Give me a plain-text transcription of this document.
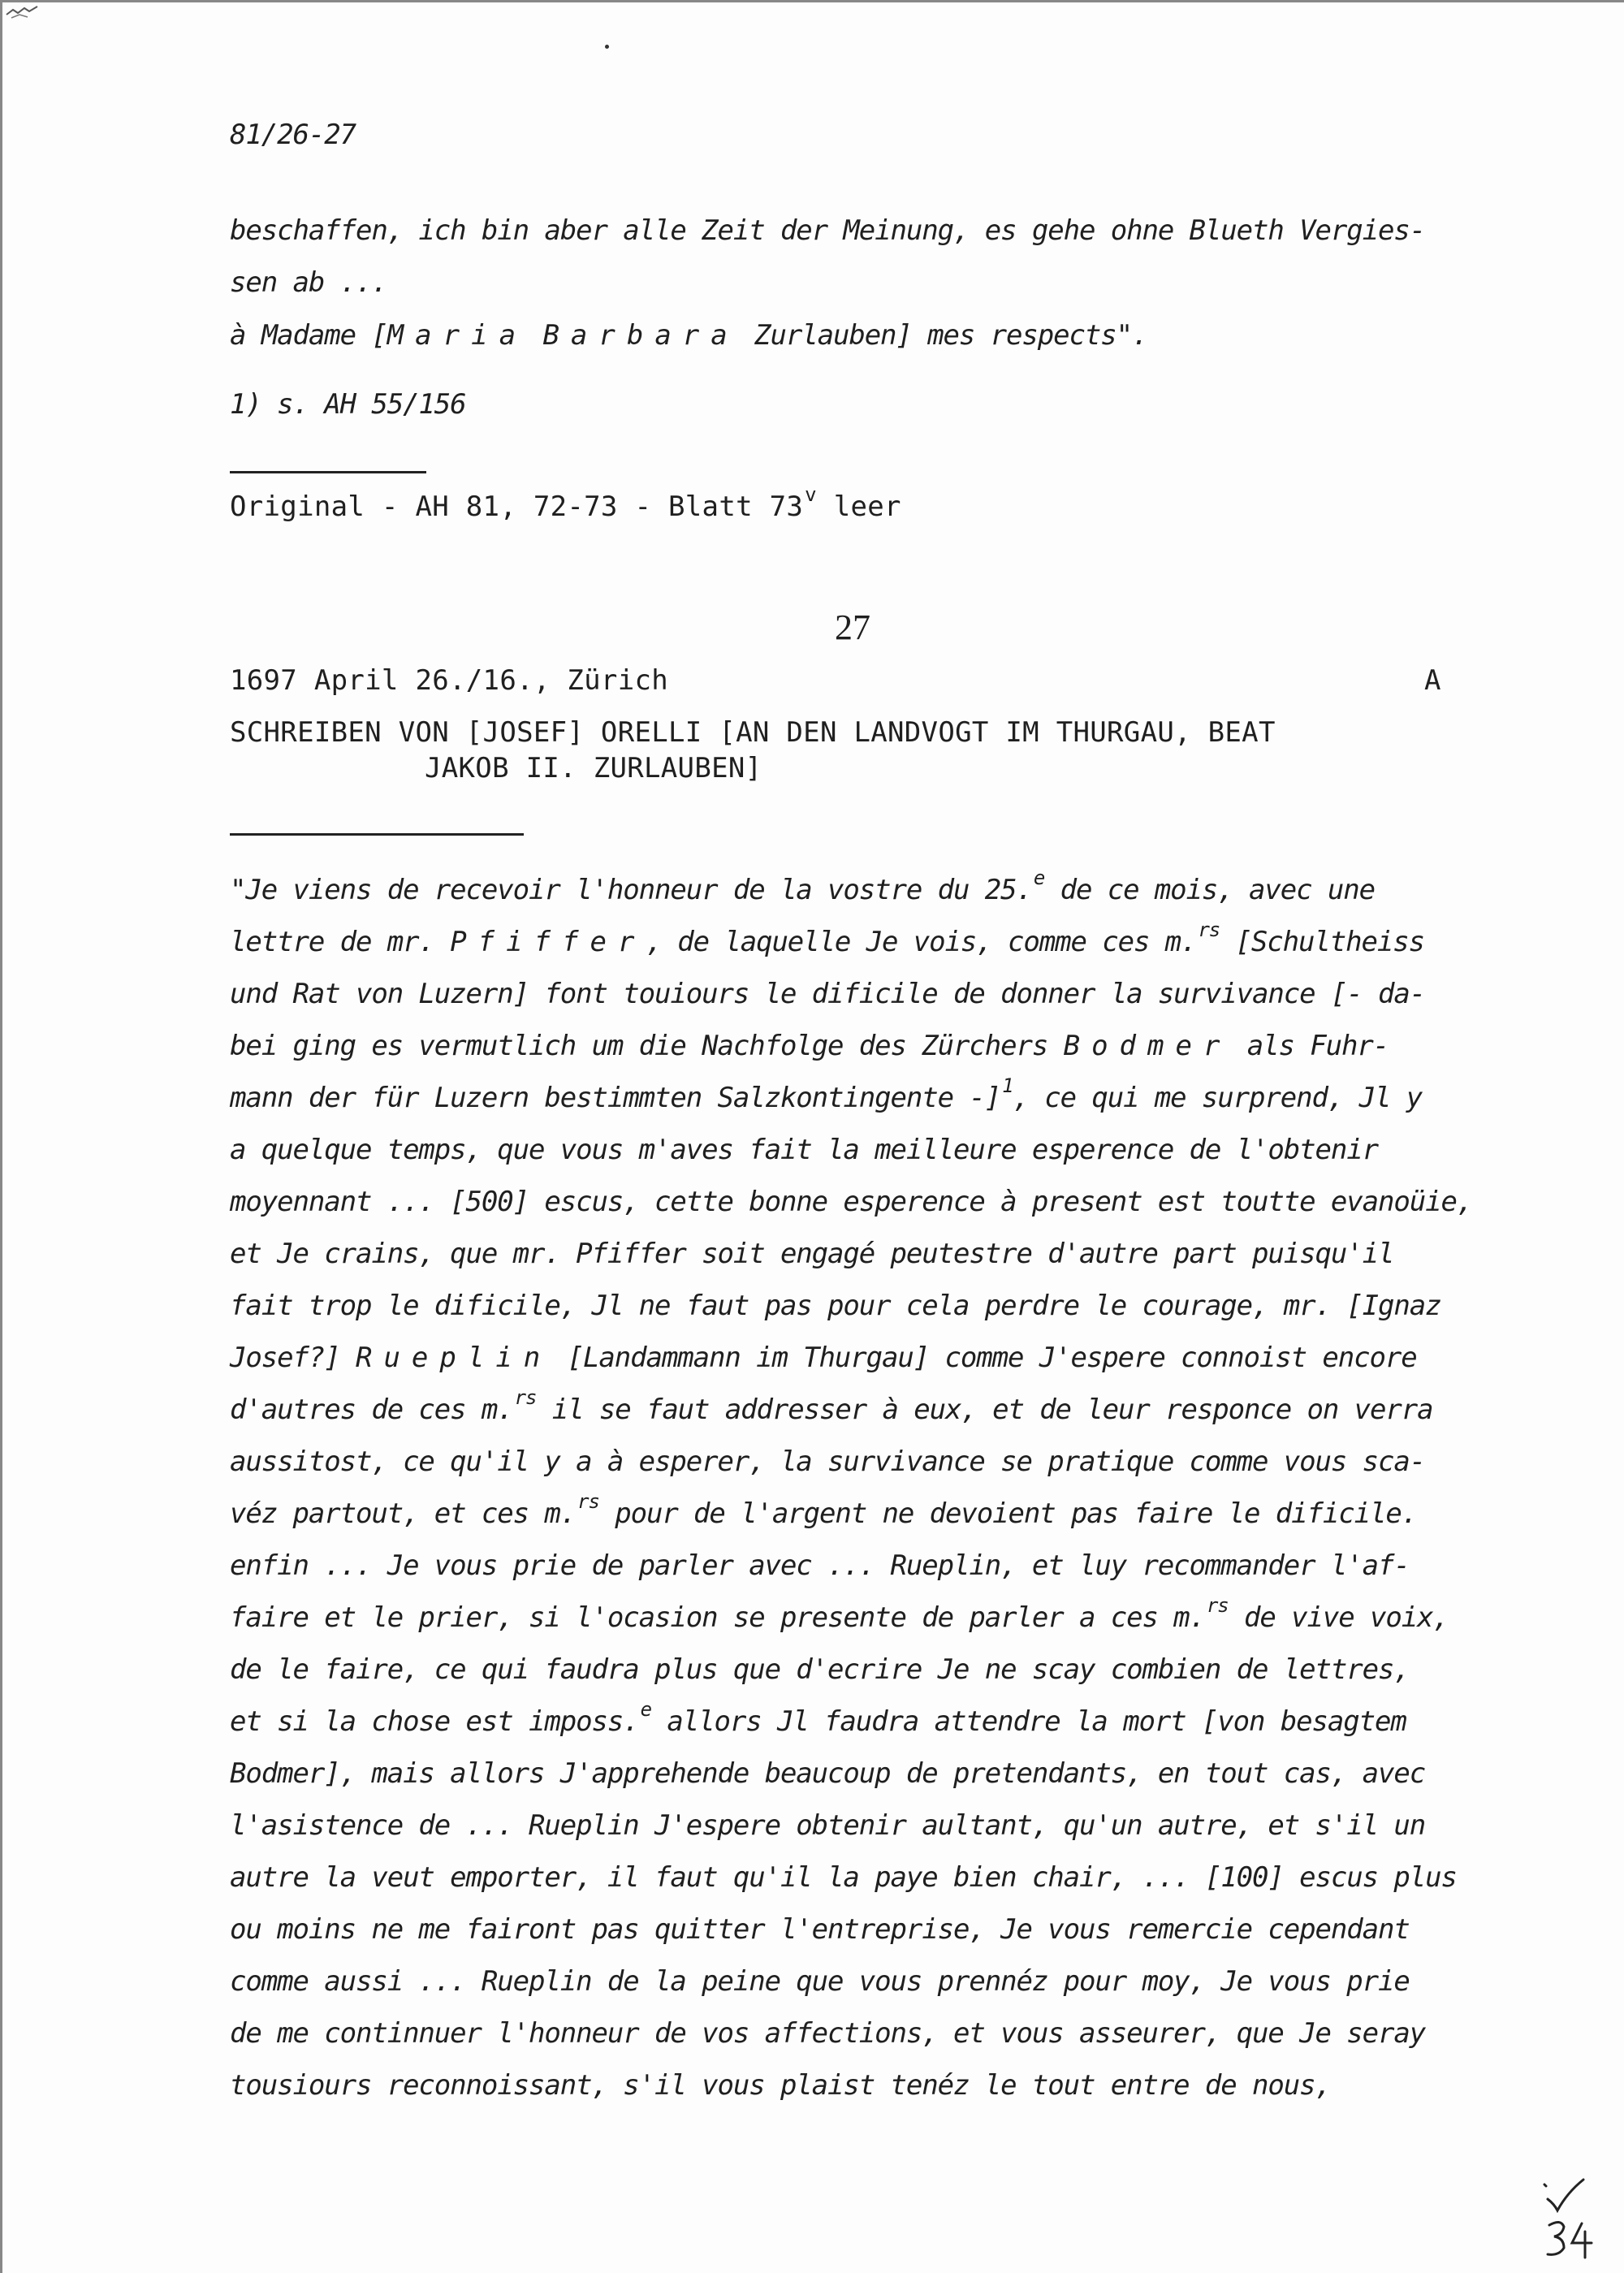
81/26-27
beschaffen, ich bin aber alle Zeit der Meinung, es gehe ohne Blueth Vergies-
sen ab ...
à Madame [Maria Barbara Zurlauben] mes respects".
1) s. AH 55/156
Original - AH 81, 72-73 - Blatt 73$^v$ leer
27
1697 April 26./16., Zürich	A
SCHREIBEN VON [JOSEF] ORELLI [AN DEN LANDVOGT IM THURGAU, BEAT
JAKOB II. ZURLAUBEN]
"Je viens de recevoir l'honneur de la vostre du 25.$^e$ de ce mois, avec une
lettre de mr. Pfiffer, de laquelle Je vois, comme ces m.$^{rs}$ [Schultheiss
und Rat von Luzern] font touiours le dificile de donner la survivance [- da-
bei ging es vermutlich um die Nachfolge des Zürchers Bodmer als Fuhr-
mann der für Luzern bestimmten Salzkontingente -]$^1$, ce qui me surprend, Jl y
a quelque temps, que vous m'aves fait la meilleure esperence de l'obtenir
moyennant ... [500] escus, cette bonne esperence à present est toutte evanoüie,
et Je crains, que mr. Pfiffer soit engagé peutestre d'autre part puisqu'il
fait trop le dificile, Jl ne faut pas pour cela perdre le courage, mr. [Ignaz
Josef?] Rueplin [Landammann im Thurgau] comme J'espere connoist encore
d'autres de ces m.$^{rs}$ il se faut addresser à eux, et de leur responce on verra
aussitost, ce qu'il y a à esperer, la survivance se pratique comme vous sca-
véz partout, et ces m.$^{rs}$ pour de l'argent ne devoient pas faire le dificile.
enfin ... Je vous prie de parler avec ... Rueplin, et luy recommander l'af-
faire et le prier, si l'ocasion se presente de parler a ces m.$^{rs}$ de vive voix,
de le faire, ce qui faudra plus que d'ecrire Je ne scay combien de lettres,
et si la chose est imposs.$^e$ allors Jl faudra attendre la mort [von besagtem
Bodmer], mais allors J'apprehende beaucoup de pretendants, en tout cas, avec
l'asistence de ... Rueplin J'espere obtenir aultant, qu'un autre, et s'il un
autre la veut emporter, il faut qu'il la paye bien chair, ... [100] escus plus
ou moins ne me fairont pas quitter l'entreprise, Je vous remercie cependant
comme aussi ... Rueplin de la peine que vous prennéz pour moy, Je vous prie
de me continnuer l'honneur de vos affections, et vous asseurer, que Je seray
tousiours reconnoissant, s'il vous plaist tenéz le tout entre de nous,
